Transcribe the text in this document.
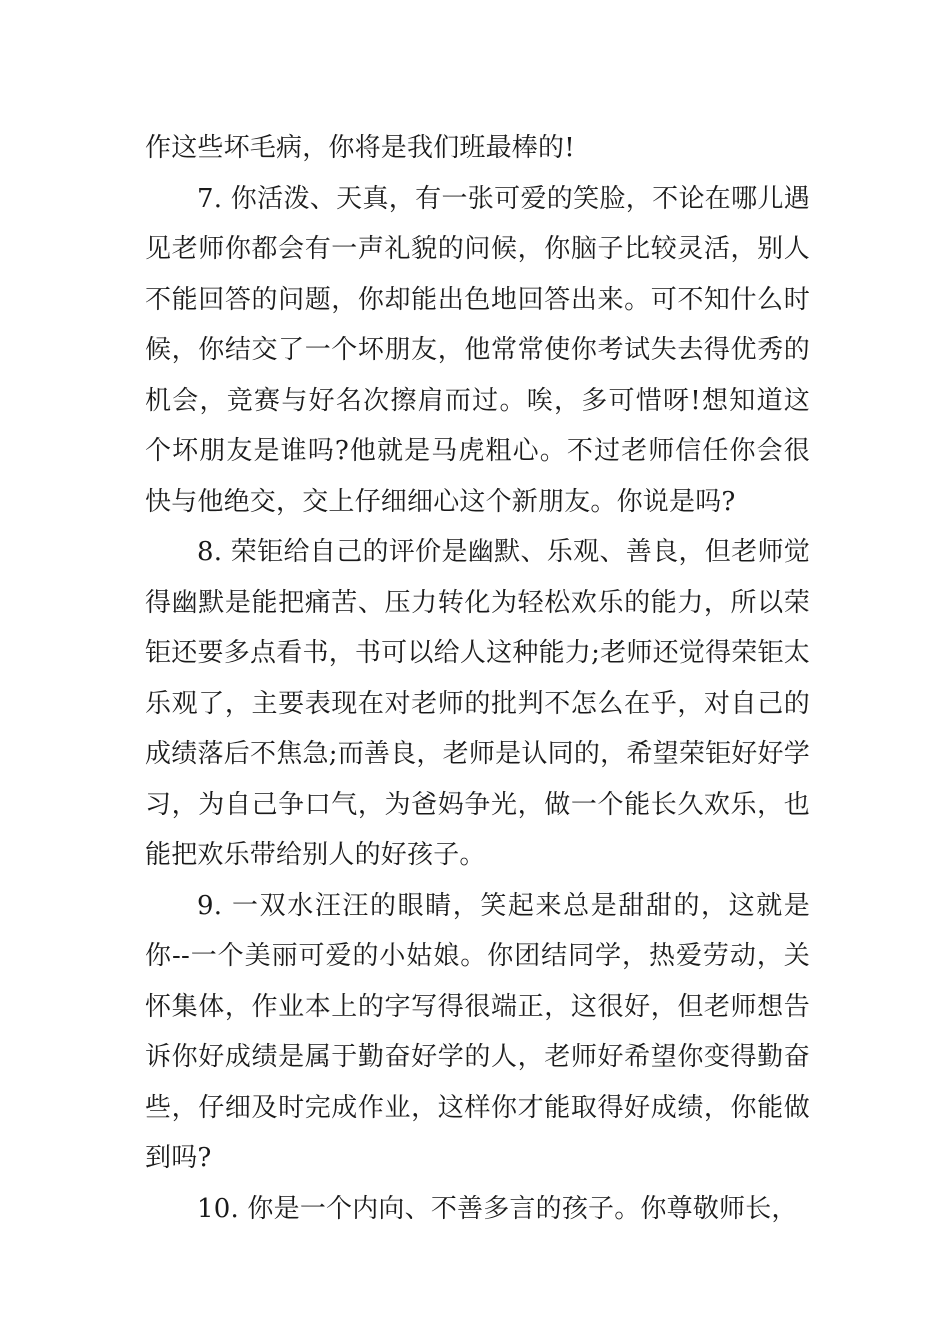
作这些坏毛病，你将是我们班最棒的!

7. 你活泼、天真，有一张可爱的笑脸，不论在哪儿遇见老师你都会有一声礼貌的问候，你脑子比较灵活，别人不能回答的问题，你却能出色地回答出来。可不知什么时候，你结交了一个坏朋友，他常常使你考试失去得优秀的机会，竞赛与好名次擦肩而过。唉，多可惜呀!想知道这个坏朋友是谁吗?他就是马虎粗心。不过老师信任你会很快与他绝交，交上仔细细心这个新朋友。你说是吗?

8. 荣钜给自己的评价是幽默、乐观、善良，但老师觉得幽默是能把痛苦、压力转化为轻松欢乐的能力，所以荣钜还要多点看书，书可以给人这种能力;老师还觉得荣钜太乐观了，主要表现在对老师的批判不怎么在乎，对自己的成绩落后不焦急;而善良，老师是认同的，希望荣钜好好学习，为自己争口气，为爸妈争光，做一个能长久欢乐，也能把欢乐带给别人的好孩子。

9. 一双水汪汪的眼睛，笑起来总是甜甜的，这就是你--一个美丽可爱的小姑娘。你团结同学，热爱劳动，关怀集体，作业本上的字写得很端正，这很好，但老师想告诉你好成绩是属于勤奋好学的人，老师好希望你变得勤奋些，仔细及时完成作业，这样你才能取得好成绩，你能做到吗?

10. 你是一个内向、不善多言的孩子。你尊敬师长，
